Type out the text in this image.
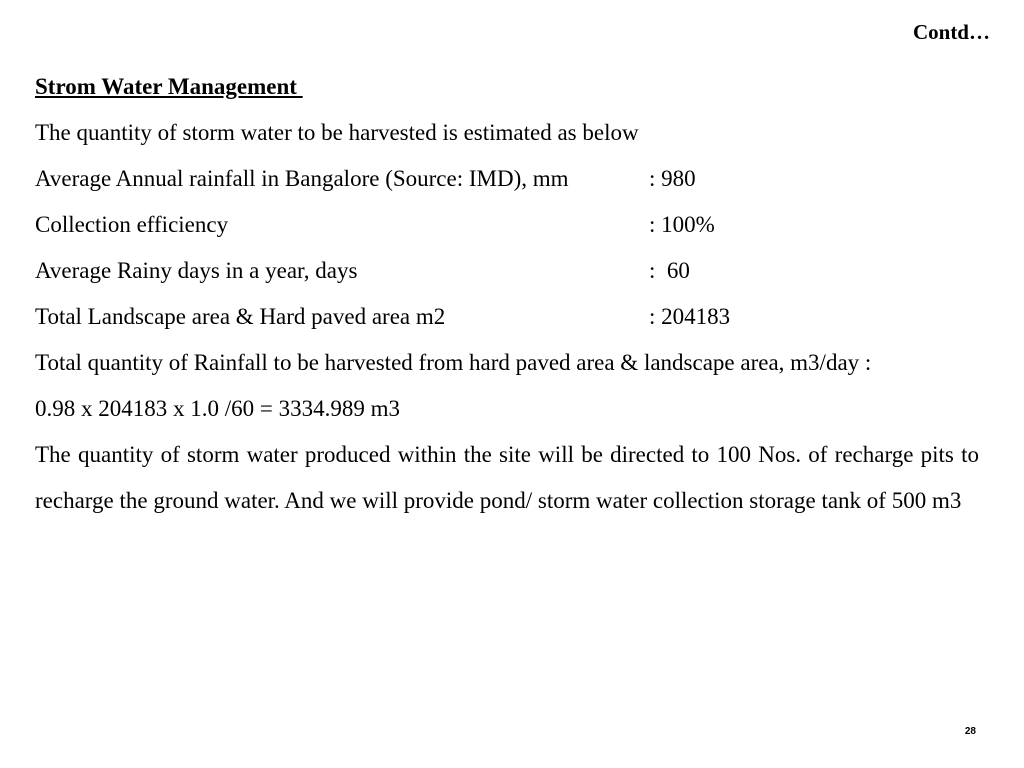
Contd…
Strom Water Management
The quantity of storm water to be harvested is estimated as below
Average Annual rainfall in Bangalore (Source: IMD), mm	: 980
Collection efficiency	: 100%
Average Rainy days in a year, days	:  60
Total Landscape area & Hard paved area m2	: 204183
Total quantity of Rainfall to be harvested from hard paved area & landscape area, m3/day :
0.98 x 204183 x 1.0 /60 = 3334.989 m3
The quantity of storm water produced within the site will be directed to 100 Nos. of recharge pits to recharge the ground water. And we will provide pond/ storm water collection storage tank of 500 m3
28
